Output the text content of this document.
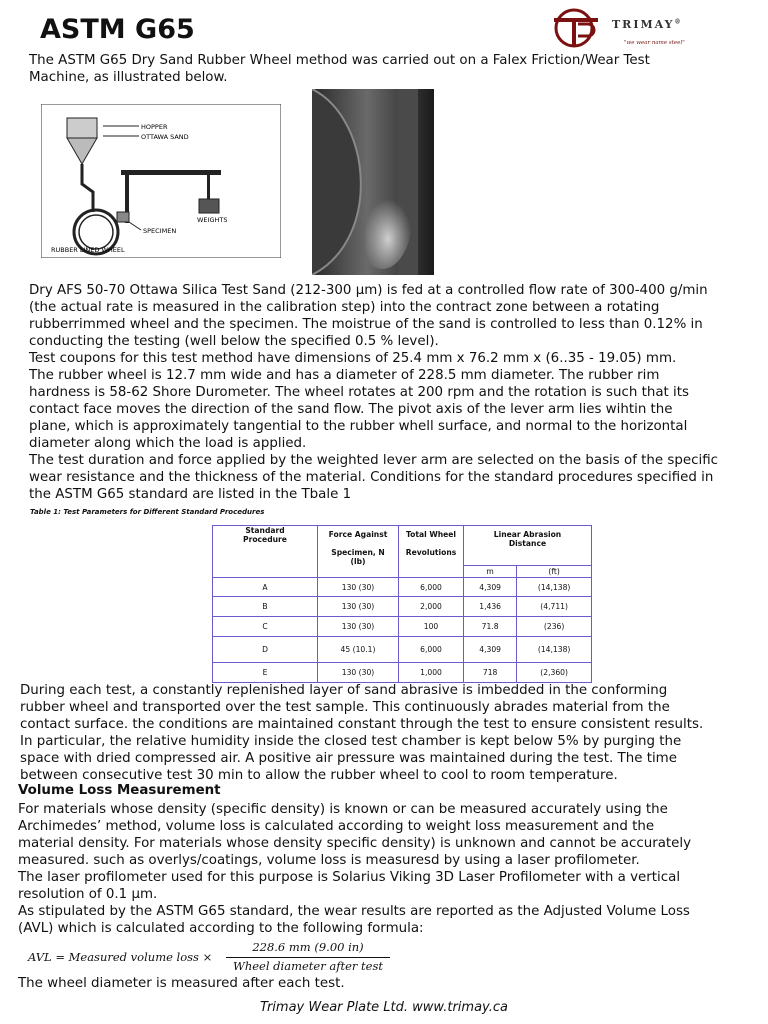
ASTM G65	TRIMAY®
"we wear name steel"

The ASTM G65 Dry Sand Rubber Wheel method was carried out on a Falex Friction/Wear Test

Machine, as illustrated below.

HOPPER
OTTAWA SAND
WEIGHTS
SPECIMEN
RUBBER LINED WHEEL

Dry AFS 50-70 Ottawa Silica Test Sand (212-300 μm) is fed at a controlled flow rate of 300-400 g/min

(the actual rate is measured in the calibration step) into the contract zone between a rotating

rubberrimmed wheel and the specimen. The moistrue of the sand is controlled to less than 0.12% in

conducting the testing (well below the specified 0.5 % level).

Test coupons for this test method have dimensions of 25.4 mm x 76.2 mm x (6..35 - 19.05) mm.

The rubber wheel is 12.7 mm wide and has a diameter of 228.5 mm diameter. The rubber rim

hardness is 58-62 Shore Durometer. The wheel rotates at 200 rpm and the rotation is such that its

contact face moves the direction of the sand flow. The pivot axis of the lever arm lies wihtin the

plane, which is approximately tangential to the rubber whell surface, and normal to the horizontal

diameter along which the load is applied.

The test duration and force applied by the weighted lever arm are selected on the basis of the specific

wear resistance and the thickness of the material. Conditions for the standard procedures specified in

the ASTM G65 standard are listed in the Tbale 1

Table 1: Test Parameters for Different Standard Procedures
Standard
Procedure	Force Against

Specimen, N
(lb)	Total Wheel

Revolutions	Linear Abrasion
Distance	
			m	(ft)
A	130 (30)	6,000	4,309	(14,138)
B	130 (30)	2,000	1,436	(4,711)
C	130 (30)	100	71.8	(236)
D	45 (10.1)	6,000	4,309	(14,138)
E	130 (30)	1,000	718	(2,360)

During each test, a constantly replenished layer of sand abrasive is imbedded in the conforming

rubber wheel and transported over the test sample. This continuously abrades material from the

contact surface. the conditions are maintained constant through the test to ensure consistent results.

In particular, the relative humidity inside the closed test chamber is kept below 5% by purging the

space with dried compressed air. A positive air pressure was maintained during the test. The time

between consecutive test 30 min to allow the rubber wheel to cool to room temperature.

Volume Loss Measurement

For materials whose density (specific density) is known or can be measured accurately using the

Archimedes’ method, volume loss is calculated according to weight loss measurement and the

material density. For materials whose density specific density) is unknown and cannot be accurately

measured. such as overlys/coatings, volume loss is measuresd by using a laser profilometer.

The laser profilometer used for this purpose is Solarius Viking 3D Laser Profilometer with a vertical

resolution of 0.1 μm.

As stipulated by the ASTM G65 standard, the wear results are reported as the Adjusted Volume Loss

(AVL) which is calculated according to the following formula:

AVL = Measured volume loss ×
228.6 mm (9.00 in)
Wheel diameter after test

The wheel diameter is measured after each test.

Trimay Wear Plate Ltd. www.trimay.ca
